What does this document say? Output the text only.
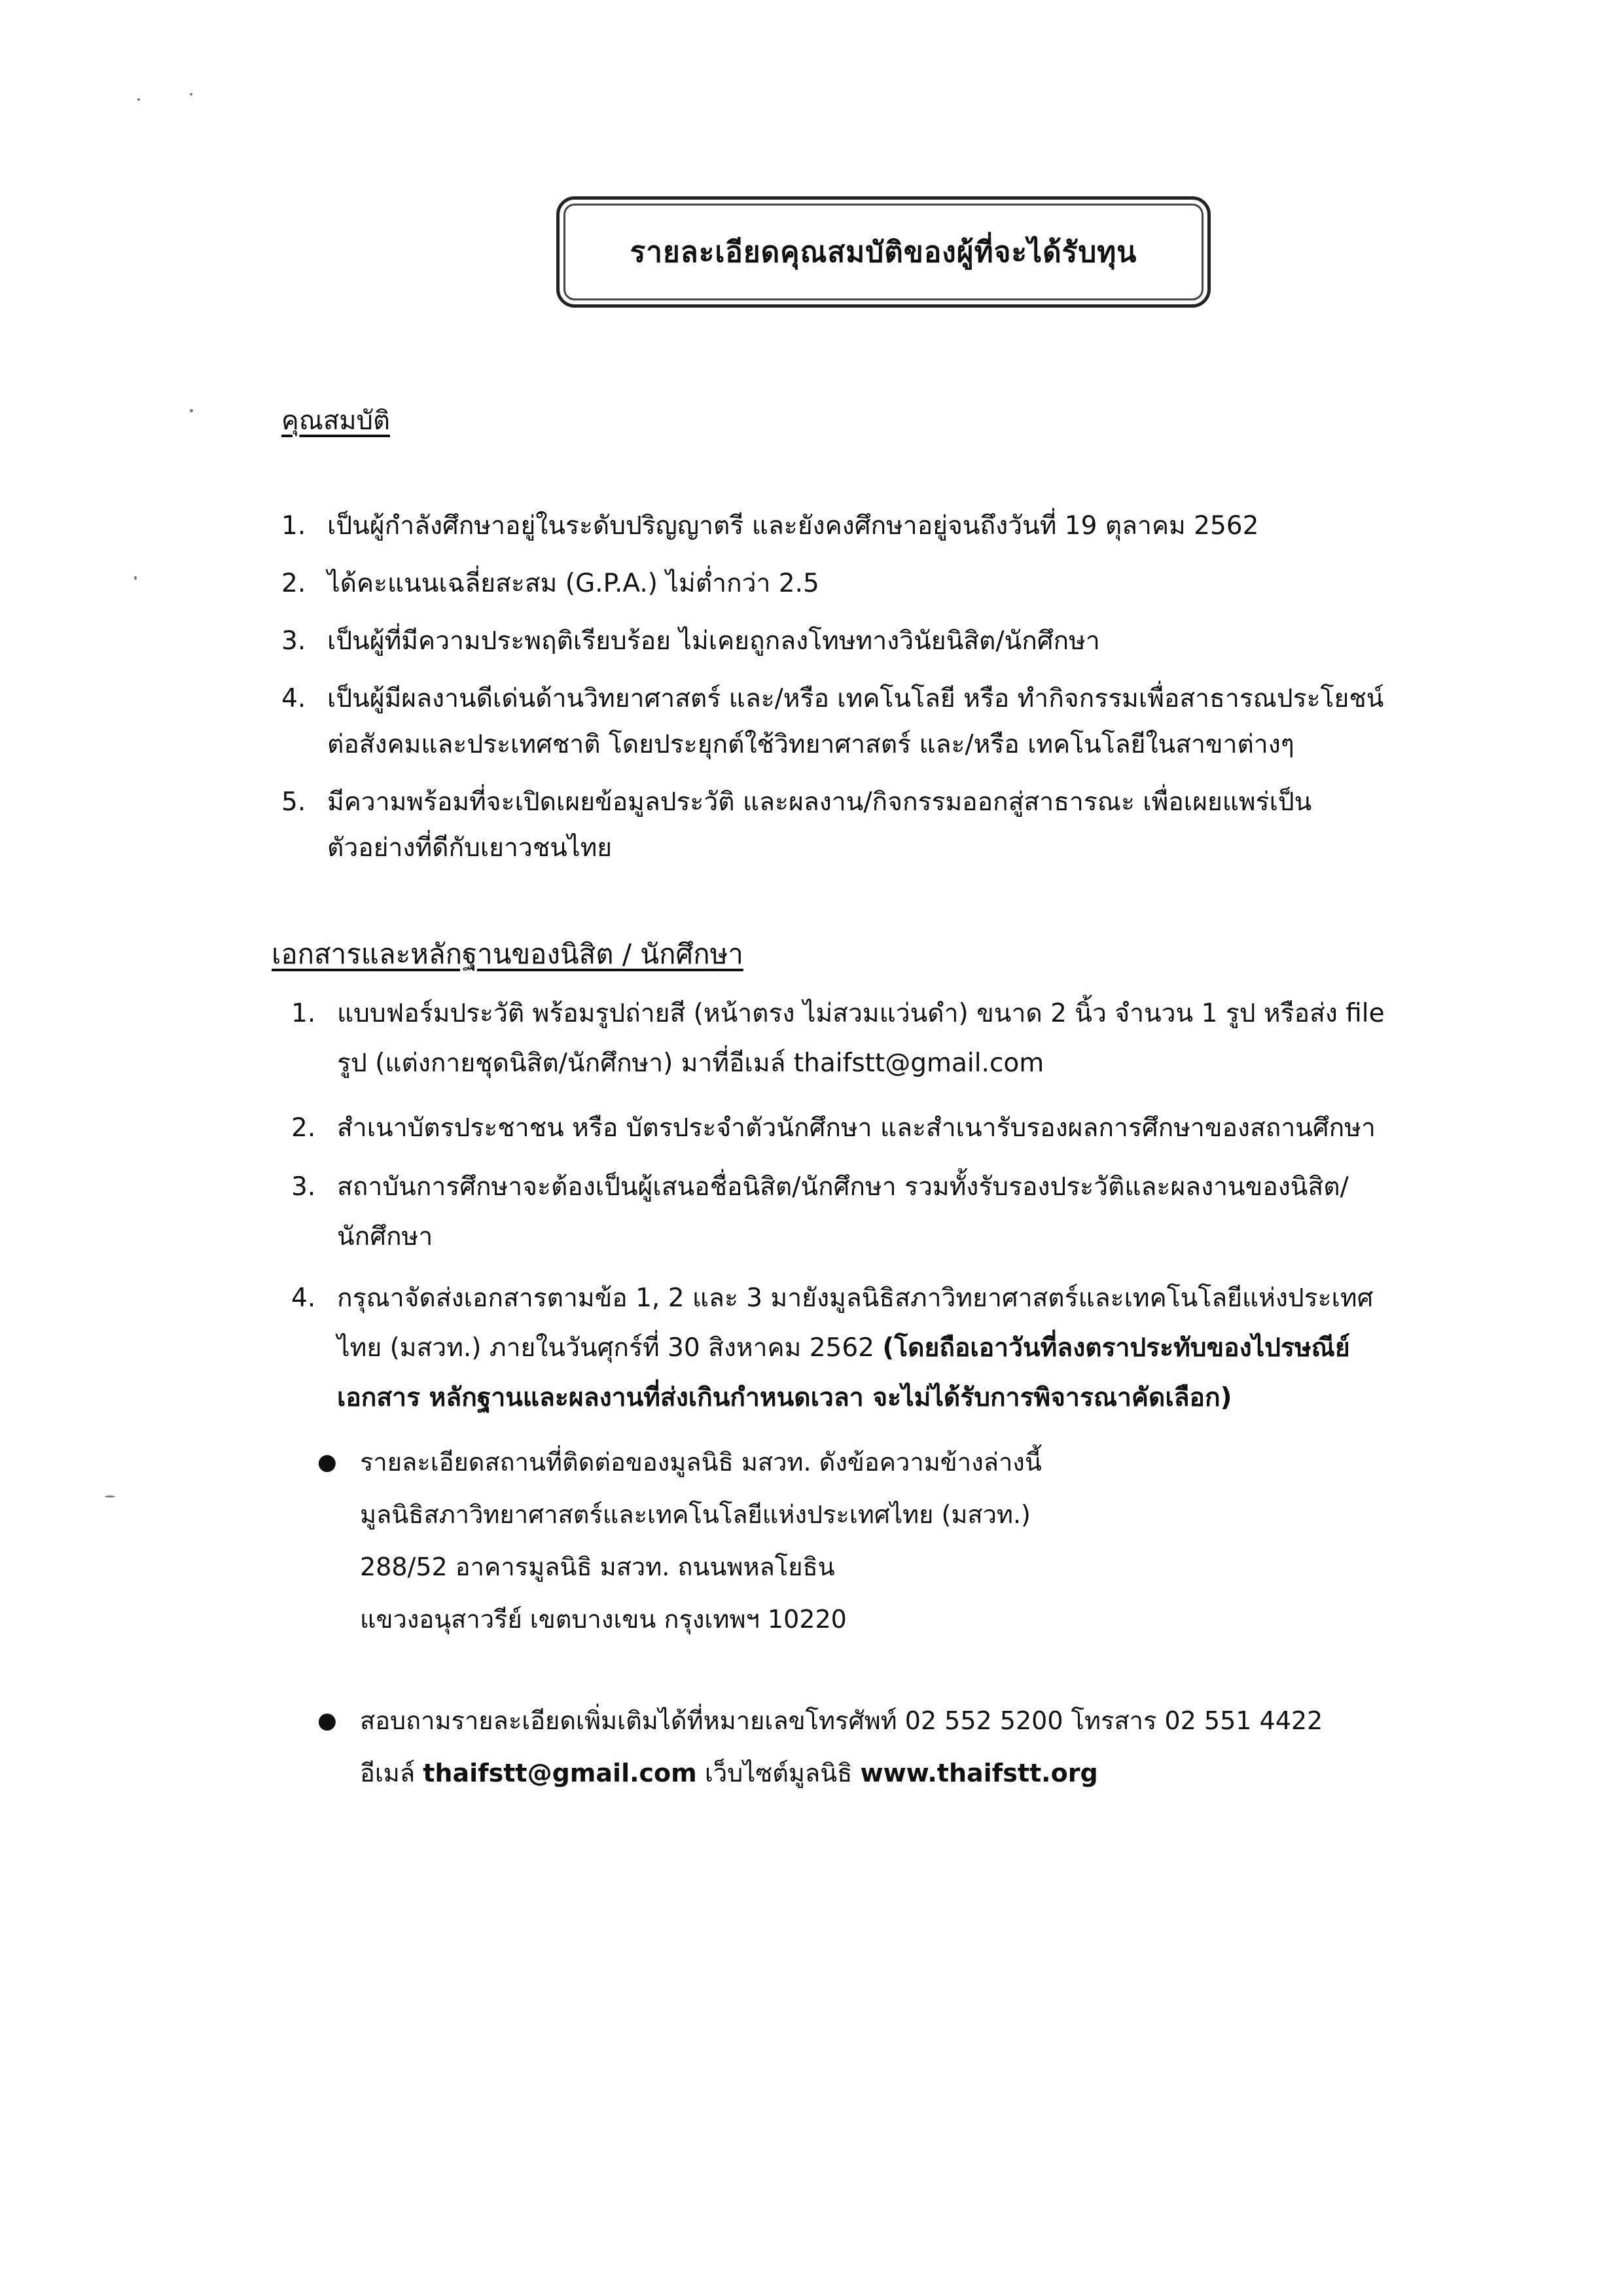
รายละเอียดคุณสมบัติของผู้ที่จะได้รับทุน
คุณสมบัติ
1. เป็นผู้กำลังศึกษาอยู่ในระดับปริญญาตรี และยังคงศึกษาอยู่จนถึงวันที่ 19 ตุลาคม 2562
2. ได้คะแนนเฉลี่ยสะสม (G.P.A.) ไม่ต่ำกว่า 2.5
3. เป็นผู้ที่มีความประพฤติเรียบร้อย ไม่เคยถูกลงโทษทางวินัยนิสิต/นักศึกษา
4. เป็นผู้มีผลงานดีเด่นด้านวิทยาศาสตร์ และ/หรือ เทคโนโลยี หรือ ทำกิจกรรมเพื่อสาธารณประโยชน์
ต่อสังคมและประเทศชาติ โดยประยุกต์ใช้วิทยาศาสตร์ และ/หรือ เทคโนโลยีในสาขาต่างๆ
5. มีความพร้อมที่จะเปิดเผยข้อมูลประวัติ และผลงาน/กิจกรรมออกสู่สาธารณะ เพื่อเผยแพร่เป็น
ตัวอย่างที่ดีกับเยาวชนไทย
เอกสารและหลักฐานของนิสิต / นักศึกษา
1. แบบฟอร์มประวัติ พร้อมรูปถ่ายสี (หน้าตรง ไม่สวมแว่นดำ) ขนาด 2 นิ้ว จำนวน 1 รูป หรือส่ง file
รูป (แต่งกายชุดนิสิต/นักศึกษา) มาที่อีเมล์ thaifstt@gmail.com
2. สำเนาบัตรประชาชน หรือ บัตรประจำตัวนักศึกษา และสำเนารับรองผลการศึกษาของสถานศึกษา
3. สถาบันการศึกษาจะต้องเป็นผู้เสนอชื่อนิสิต/นักศึกษา รวมทั้งรับรองประวัติและผลงานของนิสิต/
นักศึกษา
4. กรุณาจัดส่งเอกสารตามข้อ 1, 2 และ 3 มายังมูลนิธิสภาวิทยาศาสตร์และเทคโนโลยีแห่งประเทศ
ไทย (มสวท.) ภายในวันศุกร์ที่ 30 สิงหาคม 2562 (โดยถือเอาวันที่ลงตราประทับของไปรษณีย์
เอกสาร หลักฐานและผลงานที่ส่งเกินกำหนดเวลา จะไม่ได้รับการพิจารณาคัดเลือก)
● รายละเอียดสถานที่ติดต่อของมูลนิธิ มสวท. ดังข้อความข้างล่างนี้
มูลนิธิสภาวิทยาศาสตร์และเทคโนโลยีแห่งประเทศไทย (มสวท.)
288/52 อาคารมูลนิธิ มสวท. ถนนพหลโยธิน
แขวงอนุสาวรีย์ เขตบางเขน กรุงเทพฯ 10220
● สอบถามรายละเอียดเพิ่มเติมได้ที่หมายเลขโทรศัพท์ 02 552 5200 โทรสาร 02 551 4422
อีเมล์ thaifstt@gmail.com เว็บไซต์มูลนิธิ www.thaifstt.org
